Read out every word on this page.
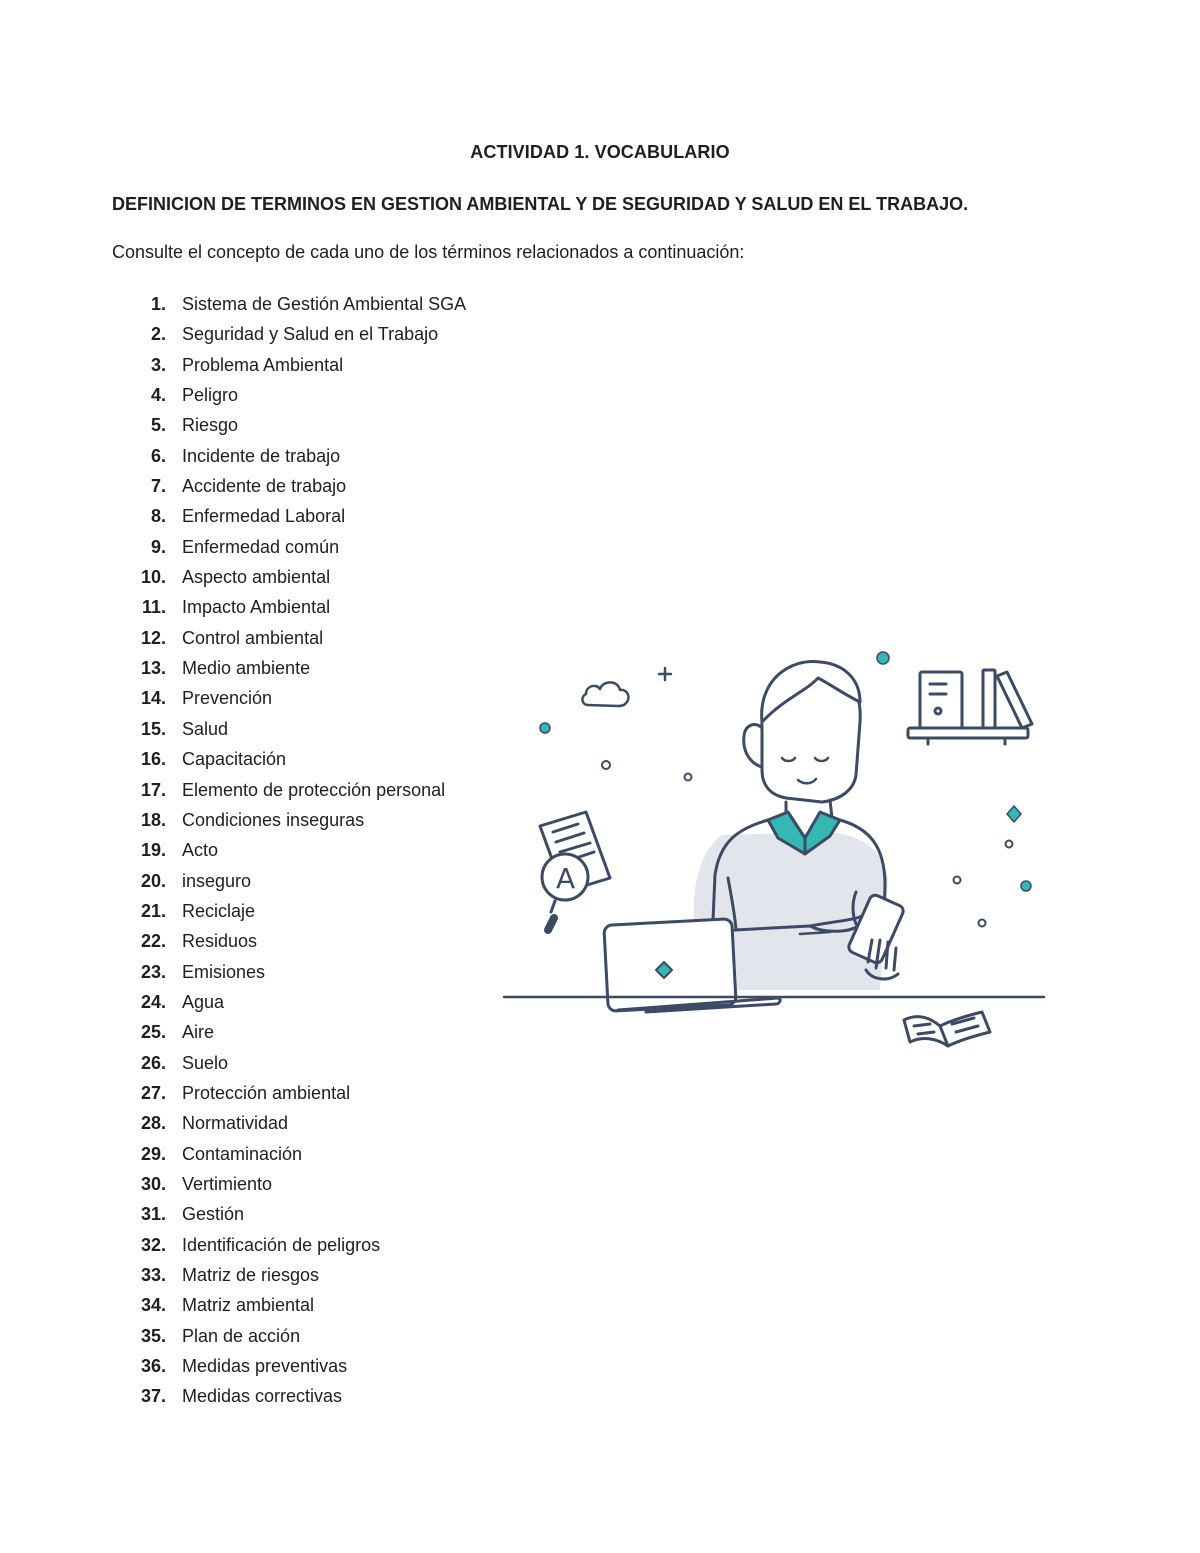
ACTIVIDAD 1. VOCABULARIO
DEFINICION DE TERMINOS EN GESTION AMBIENTAL Y DE SEGURIDAD Y SALUD EN EL TRABAJO.
Consulte el concepto de cada uno de los términos relacionados a continuación:
1. Sistema de Gestión Ambiental SGA
2. Seguridad y Salud en el Trabajo
3. Problema Ambiental
4. Peligro
5. Riesgo
6. Incidente de trabajo
7. Accidente de trabajo
8. Enfermedad Laboral
9. Enfermedad común
10. Aspecto ambiental
11. Impacto Ambiental
12. Control ambiental
13. Medio ambiente
14. Prevención
15. Salud
16. Capacitación
17. Elemento de protección personal
18. Condiciones inseguras
19. Acto
20. inseguro
21. Reciclaje
22. Residuos
23. Emisiones
24. Agua
25. Aire
26. Suelo
27. Protección ambiental
28. Normatividad
29. Contaminación
30. Vertimiento
31. Gestión
32. Identificación de peligros
33. Matriz de riesgos
34. Matriz ambiental
35. Plan de acción
36. Medidas preventivas
37. Medidas correctivas
A
